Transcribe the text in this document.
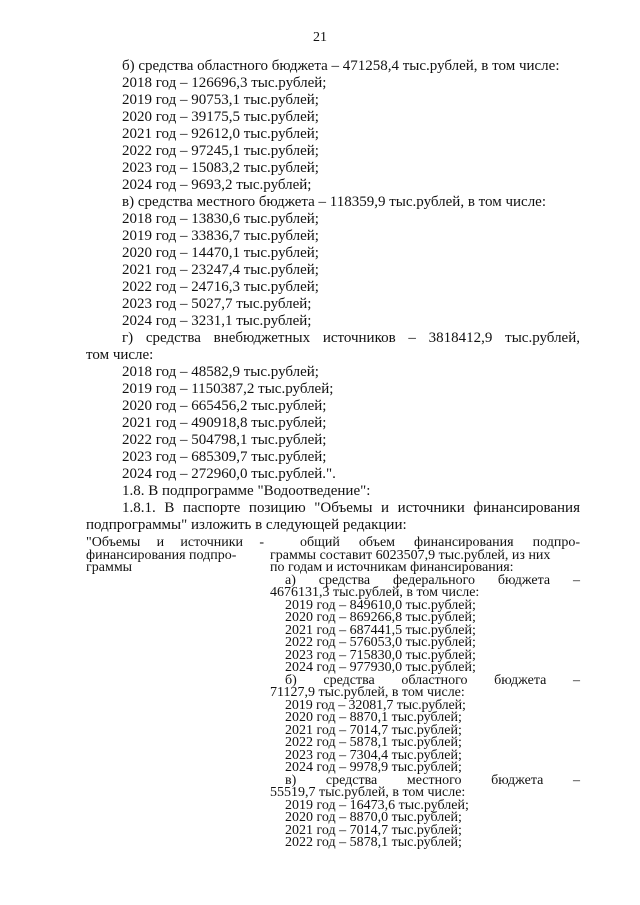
21
б) средства областного бюджета – 471258,4 тыс.рублей, в том числе:
2018 год – 126696,3 тыс.рублей;
2019 год – 90753,1 тыс.рублей;
2020 год – 39175,5 тыс.рублей;
2021 год – 92612,0 тыс.рублей;
2022 год – 97245,1 тыс.рублей;
2023 год – 15083,2 тыс.рублей;
2024 год – 9693,2 тыс.рублей;
в) средства местного бюджета – 118359,9 тыс.рублей, в том числе:
2018 год – 13830,6 тыс.рублей;
2019 год – 33836,7 тыс.рублей;
2020 год – 14470,1 тыс.рублей;
2021 год – 23247,4 тыс.рублей;
2022 год – 24716,3 тыс.рублей;
2023 год – 5027,7 тыс.рублей;
2024 год – 3231,1 тыс.рублей;
г) средства внебюджетных источников – 3818412,9 тыс.рублей,
том числе:
2018 год – 48582,9 тыс.рублей;
2019 год – 1150387,2 тыс.рублей;
2020 год – 665456,2 тыс.рублей;
2021 год – 490918,8 тыс.рублей;
2022 год – 504798,1 тыс.рублей;
2023 год – 685309,7 тыс.рублей;
2024 год – 272960,0 тыс.рублей.".
1.8. В подпрограмме "Водоотведение":
1.8.1. В паспорте позицию "Объемы и источники финансирования
подпрограммы" изложить в следующей редакции:
"Объемы и источники -
финансирования подпро-
граммы
общий объем финансирования подпро-
граммы составит 6023507,9 тыс.рублей, из них
по годам и источникам финансирования:
а) средства федерального бюджета –
4676131,3 тыс.рублей, в том числе:
2019 год – 849610,0 тыс.рублей;
2020 год – 869266,8 тыс.рублей;
2021 год – 687441,5 тыс.рублей;
2022 год – 576053,0 тыс.рублей;
2023 год – 715830,0 тыс.рублей;
2024 год – 977930,0 тыс.рублей;
б) средства областного бюджета –
71127,9 тыс.рублей, в том числе:
2019 год – 32081,7 тыс.рублей;
2020 год – 8870,1 тыс.рублей;
2021 год – 7014,7 тыс.рублей;
2022 год – 5878,1 тыс.рублей;
2023 год – 7304,4 тыс.рублей;
2024 год – 9978,9 тыс.рублей;
в) средства местного бюджета –
55519,7 тыс.рублей, в том числе:
2019 год – 16473,6 тыс.рублей;
2020 год – 8870,0 тыс.рублей;
2021 год – 7014,7 тыс.рублей;
2022 год – 5878,1 тыс.рублей;
